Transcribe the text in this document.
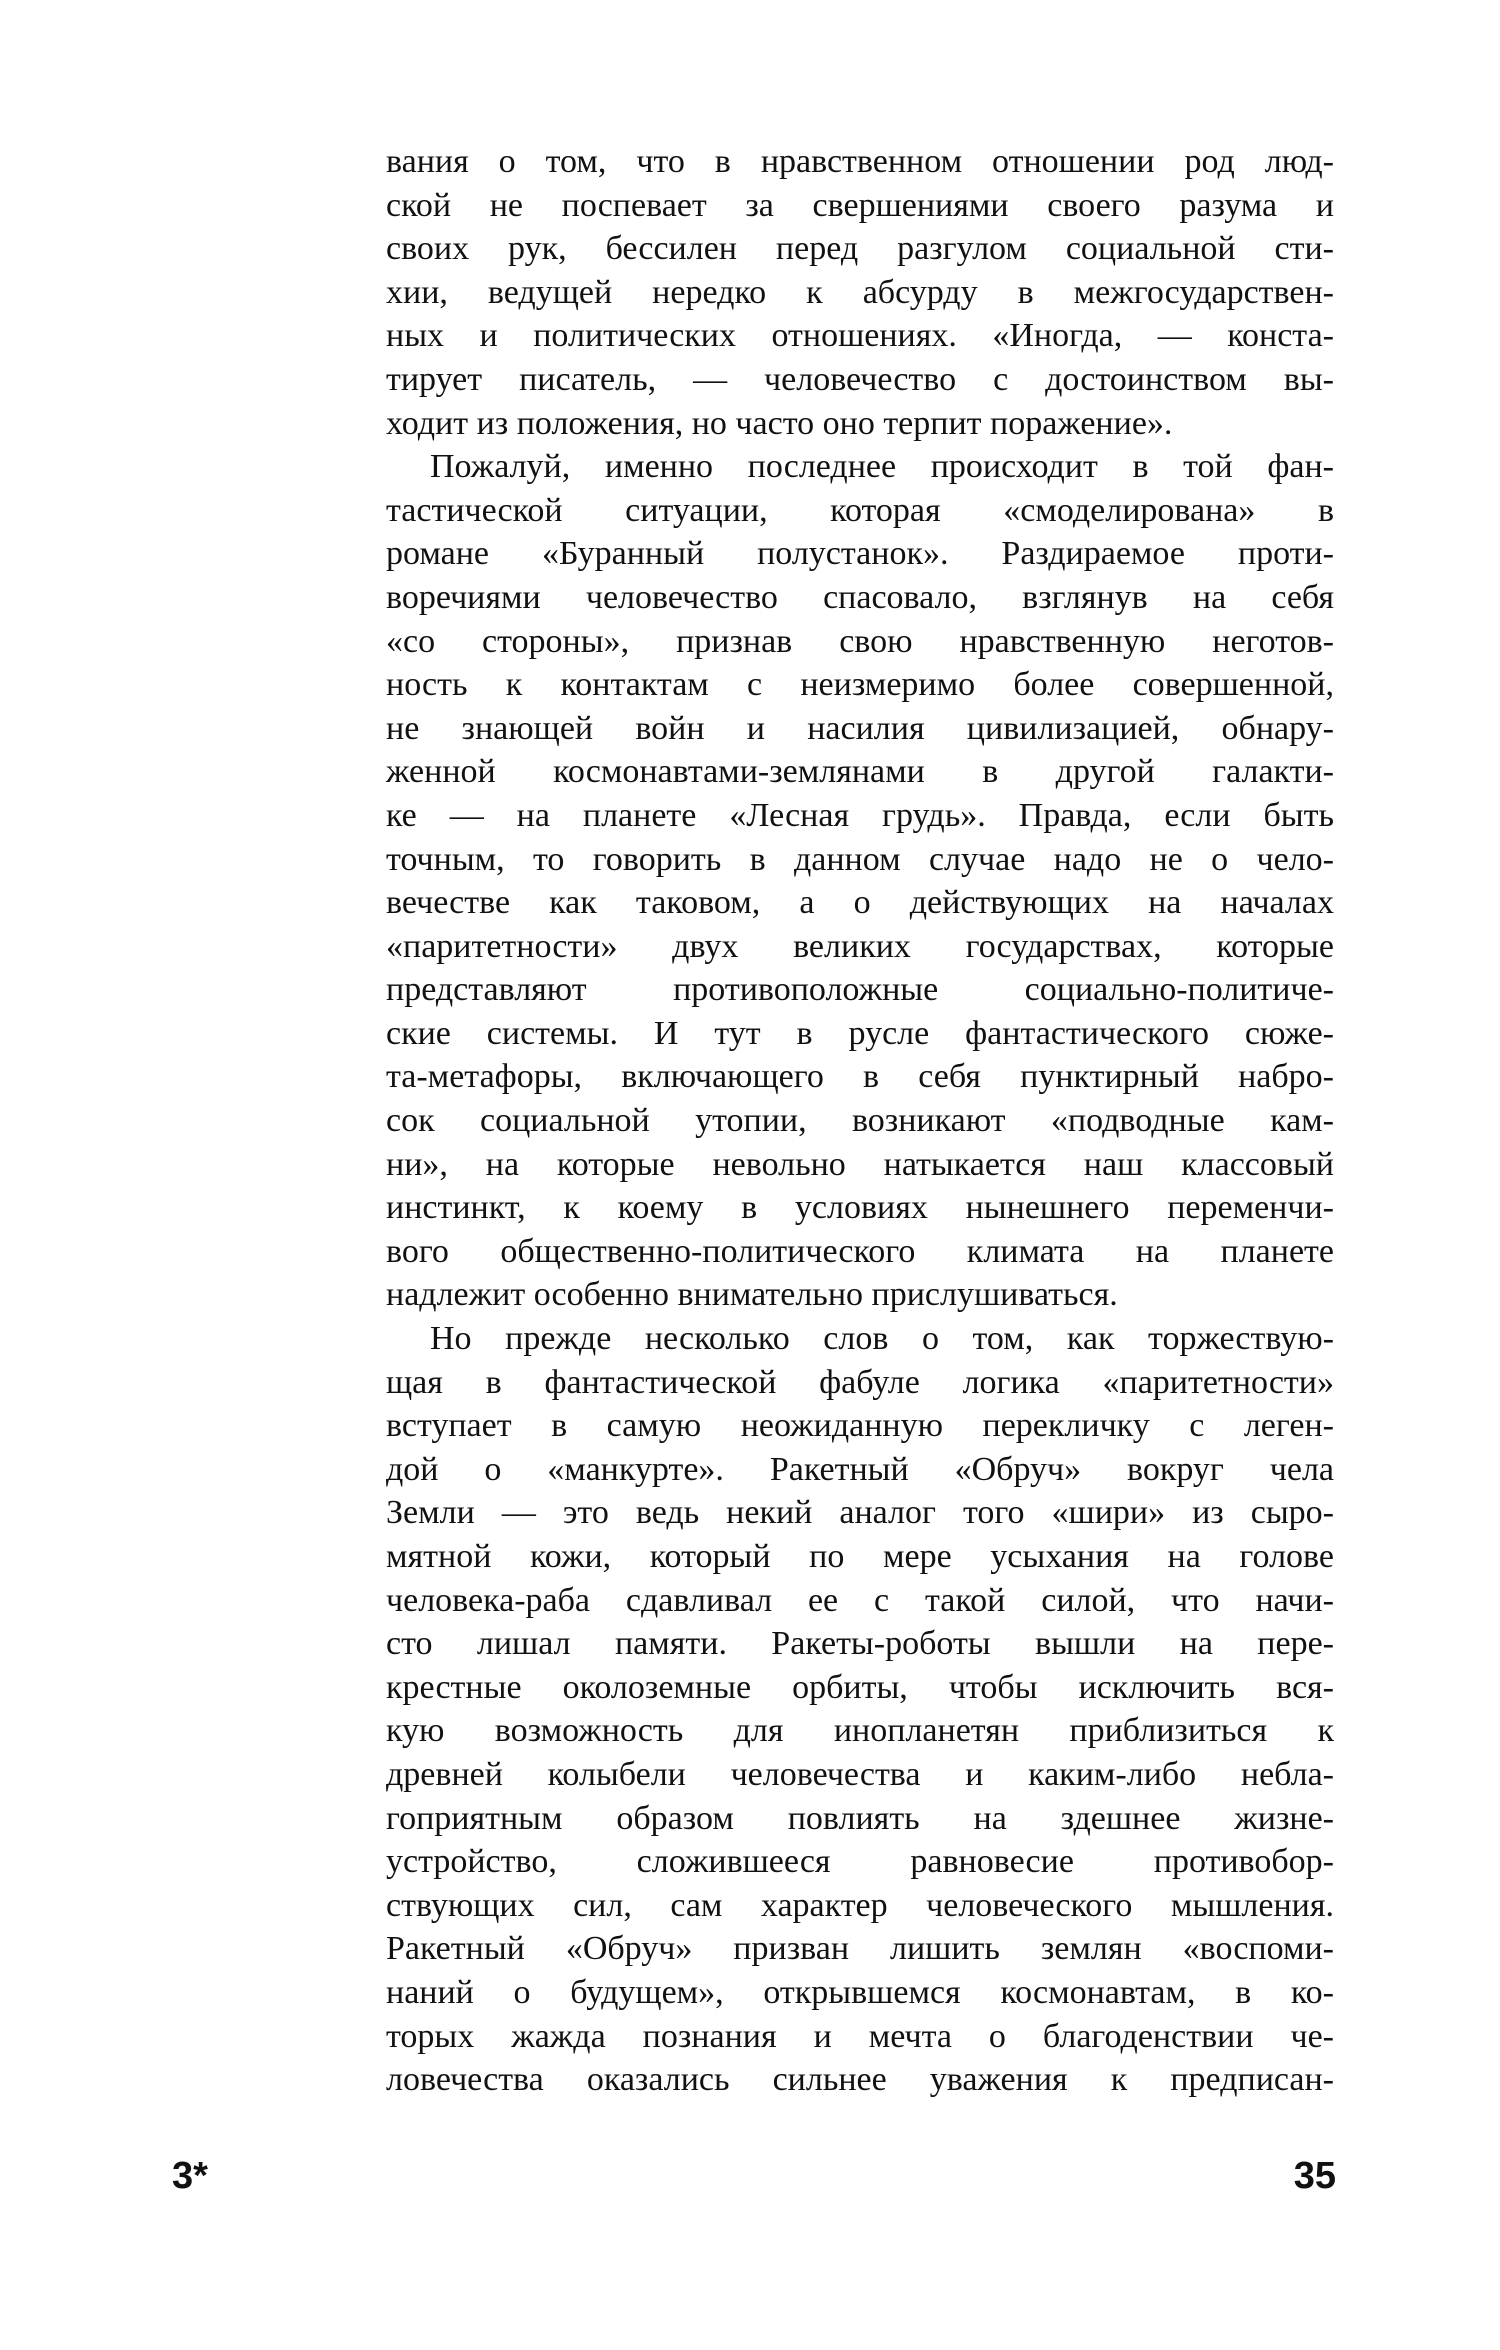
вания о том, что в нравственном отношении род люд-
ской не поспевает за свершениями своего разума и
своих рук, бессилен перед разгулом социальной сти-
хии, ведущей нередко к абсурду в межгосударствен-
ных и политических отношениях. «Иногда, — конста-
тирует писатель, — человечество с достоинством вы-
ходит из положения, но часто оно терпит поражение».
Пожалуй, именно последнее происходит в той фан-
тастической ситуации, которая «смоделирована» в
романе «Буранный полустанок». Раздираемое проти-
воречиями человечество спасовало, взглянув на себя
«со стороны», признав свою нравственную неготов-
ность к контактам с неизмеримо более совершенной,
не знающей войн и насилия цивилизацией, обнару-
женной космонавтами-землянами в другой галакти-
ке — на планете «Лесная грудь». Правда, если быть
точным, то говорить в данном случае надо не о чело-
вечестве как таковом, а о действующих на началах
«паритетности» двух великих государствах, которые
представляют противоположные социально-политиче-
ские системы. И тут в русле фантастического сюже-
та-метафоры, включающего в себя пунктирный набро-
сок социальной утопии, возникают «подводные кам-
ни», на которые невольно натыкается наш классовый
инстинкт, к коему в условиях нынешнего переменчи-
вого общественно-политического климата на планете
надлежит особенно внимательно прислушиваться.
Но прежде несколько слов о том, как торжествую-
щая в фантастической фабуле логика «паритетности»
вступает в самую неожиданную перекличку с леген-
дой о «манкурте». Ракетный «Обруч» вокруг чела
Земли — это ведь некий аналог того «шири» из сыро-
мятной кожи, который по мере усыхания на голове
человека-раба сдавливал ее с такой силой, что начи-
сто лишал памяти. Ракеты-роботы вышли на пере-
крестные околоземные орбиты, чтобы исключить вся-
кую возможность для инопланетян приблизиться к
древней колыбели человечества и каким-либо небла-
гоприятным образом повлиять на здешнее жизне-
устройство, сложившееся равновесие противобор-
ствующих сил, сам характер человеческого мышления.
Ракетный «Обруч» призван лишить землян «воспоми-
наний о будущем», открывшемся космонавтам, в ко-
торых жажда познания и мечта о благоденствии че-
ловечества оказались сильнее уважения к предписан-
3*	35
